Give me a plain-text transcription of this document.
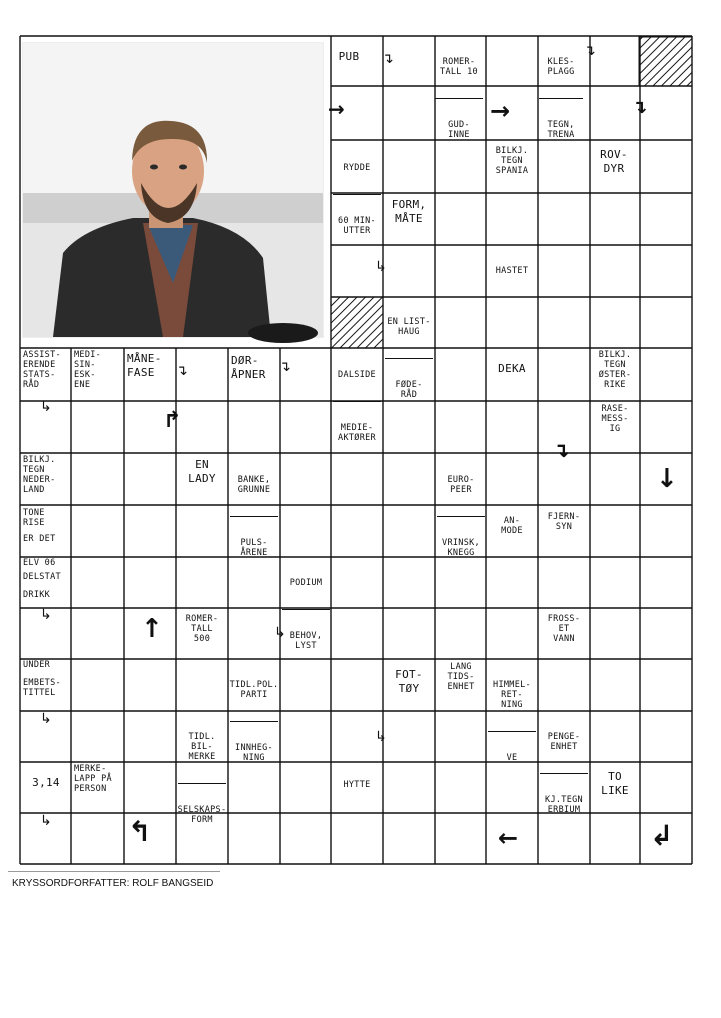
PUB

	ROMER-
TALL 10

GUD-
INNE

KLES-
PLAGG

TEGN,
TRENA

RYDDE

60 MIN-
UTTER

BILKJ.
TEGN
SPANIA
ROV-
DYR
FORM,
MÅTE
HASTET

EN LIST-
HAUG

FØDE-
RÅD

ASSIST-
ERENDE
STATS-
RÅD
MEDI-
SIN-
ESK-
ENE
MÅNE-
FASE
DØR-
ÅPNER

	DALSIDE

MEDIE-
AKTØRER

DEKA
BILKJ.
TEGN
ØSTER-
RIKE
RASE-
MESS-
IG
BILKJ.
TEGN
NEDER-
LAND
EN
LADY

	BANKE,
GRUNNE

PULS-
ÅRENE

EURO-
PEER

VRINSK,
KNEGG

TONE
RISE
ER DET
AN-
MODE
FJERN-
SYN
ELV 06
DELSTAT
DRIKK

PODIUM

BEHOV,
LYST

ROMER-
TALL
500
FROSS-
ET
VANN
UNDER
EMBETS-
TITTEL

TIDL.POL.
PARTI

INNHEG-
NING

FOT-
TØY
LANG
TIDS-
ENHET

	HIMMEL-
RET-
NING

VE

TIDL.
BIL-
MERKE

SELSKAPS-
FORM

PENGE-
ENHET

KJ.TEGN
ERBIUM

3,14
MERKE-
LAPP PÅ
PERSON	HYTTE
TO
LIKE
↴	↴
→	→	↴
↳
↴	↴
↳
↱
↴
↓
↳	↑	↳
↳
↳
↳	↰	←	↲
KRYSSORDFORFATTER: ROLF BANGSEID
